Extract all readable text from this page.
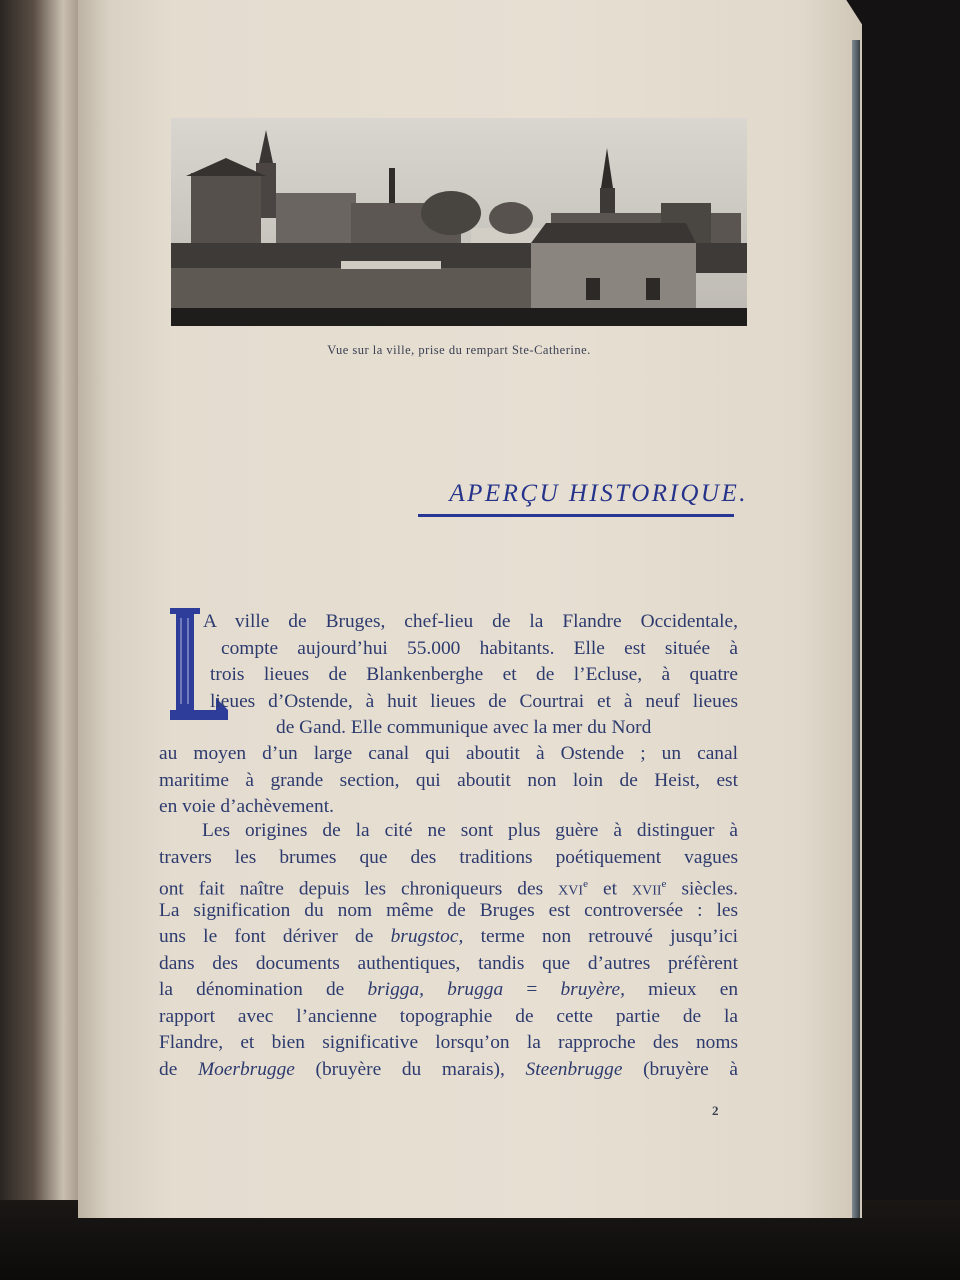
Vue sur la ville, prise du rempart Ste-Catherine.
APERÇU HISTORIQUE.
A ville de Bruges, chef-lieu de la Flandre Occidentale,
compte aujourd’hui 55.000 habitants. Elle est située à
trois lieues de Blankenberghe et de l’Ecluse, à quatre
lieues d’Ostende, à huit lieues de Courtrai et à neuf lieues
de Gand. Elle communique avec la mer du Nord
au moyen d’un large canal qui aboutit à Ostende ; un canal
maritime à grande section, qui aboutit non loin de Heist, est
en voie d’achèvement.
Les origines de la cité ne sont plus guère à distinguer à
travers les brumes que des traditions poétiquement vagues
ont fait naître depuis les chroniqueurs des xvi$^e$ et xvii$^e$ siècles.
La signification du nom même de Bruges est controversée : les
uns le font dériver de brugstoc, terme non retrouvé jusqu’ici
dans des documents authentiques, tandis que d’autres préfèrent
la dénomination de brigga, brugga = bruyère, mieux en
rapport avec l’ancienne topographie de cette partie de la
Flandre, et bien significative lorsqu’on la rapproche des noms
de Moerbrugge (bruyère du marais), Steenbrugge (bruyère à
2
